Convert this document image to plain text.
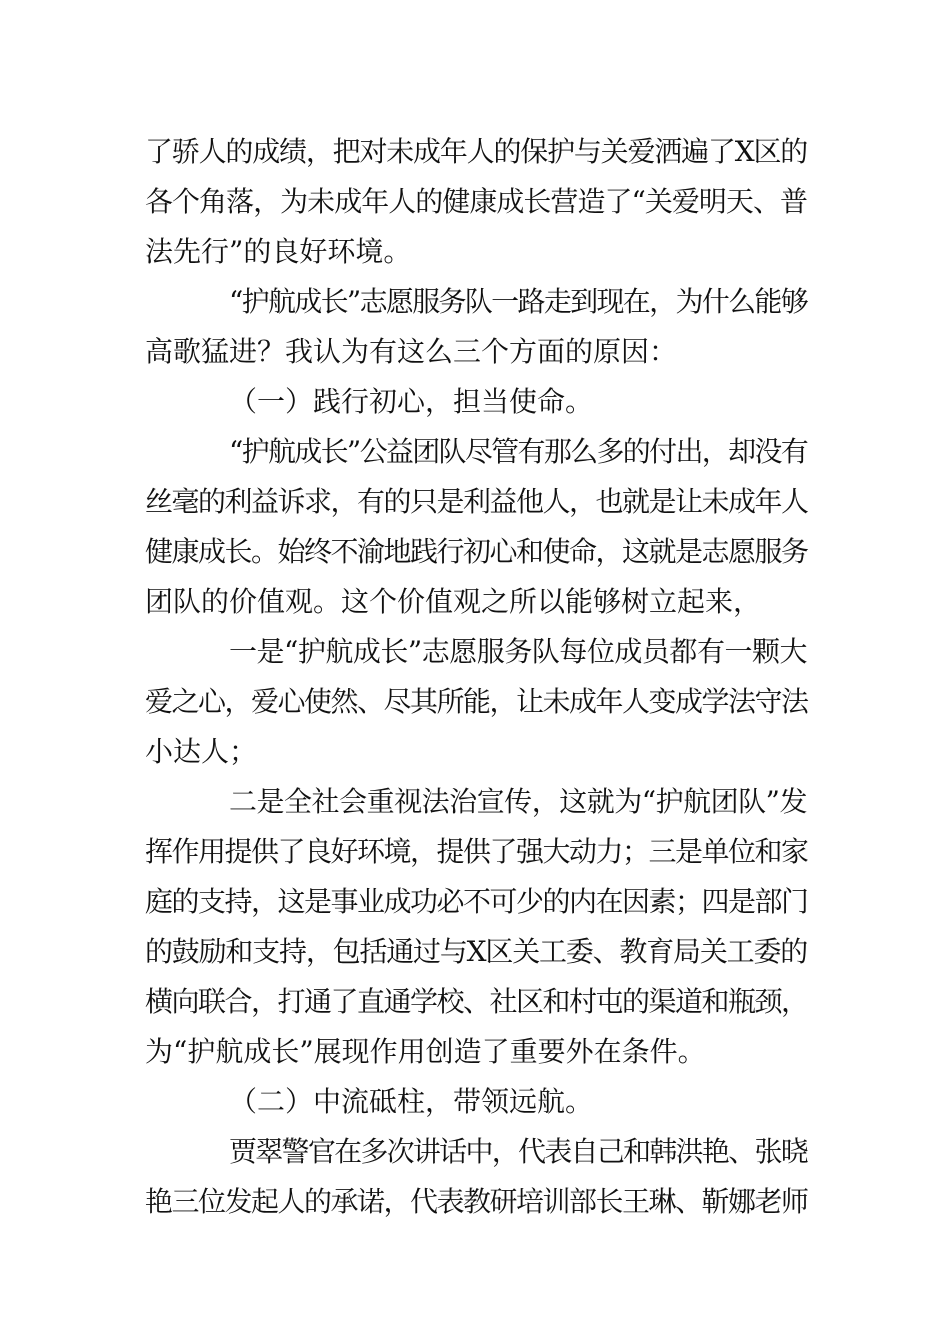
了骄人的成绩，把对未成年人的保护与关爱洒遍了X区的
各个角落，为未成年人的健康成长营造了“关爱明天、普
法先行”的良好环境。
“护航成长”志愿服务队一路走到现在，为什么能够
高歌猛进？我认为有这么三个方面的原因：
（一）践行初心，担当使命。
“护航成长”公益团队尽管有那么多的付出，却没有
丝毫的利益诉求，有的只是利益他人，也就是让未成年人
健康成长。始终不渝地践行初心和使命，这就是志愿服务
团队的价值观。这个价值观之所以能够树立起来，
一是“护航成长”志愿服务队每位成员都有一颗大
爱之心，爱心使然、尽其所能，让未成年人变成学法守法
小达人；
二是全社会重视法治宣传，这就为“护航团队”发
挥作用提供了良好环境，提供了强大动力；三是单位和家
庭的支持，这是事业成功必不可少的内在因素；四是部门
的鼓励和支持，包括通过与X区关工委、教育局关工委的
横向联合，打通了直通学校、社区和村屯的渠道和瓶颈，
为“护航成长”展现作用创造了重要外在条件。
（二）中流砥柱，带领远航。
贾翠警官在多次讲话中，代表自己和韩洪艳、张晓
艳三位发起人的承诺，代表教研培训部长王琳、靳娜老师
